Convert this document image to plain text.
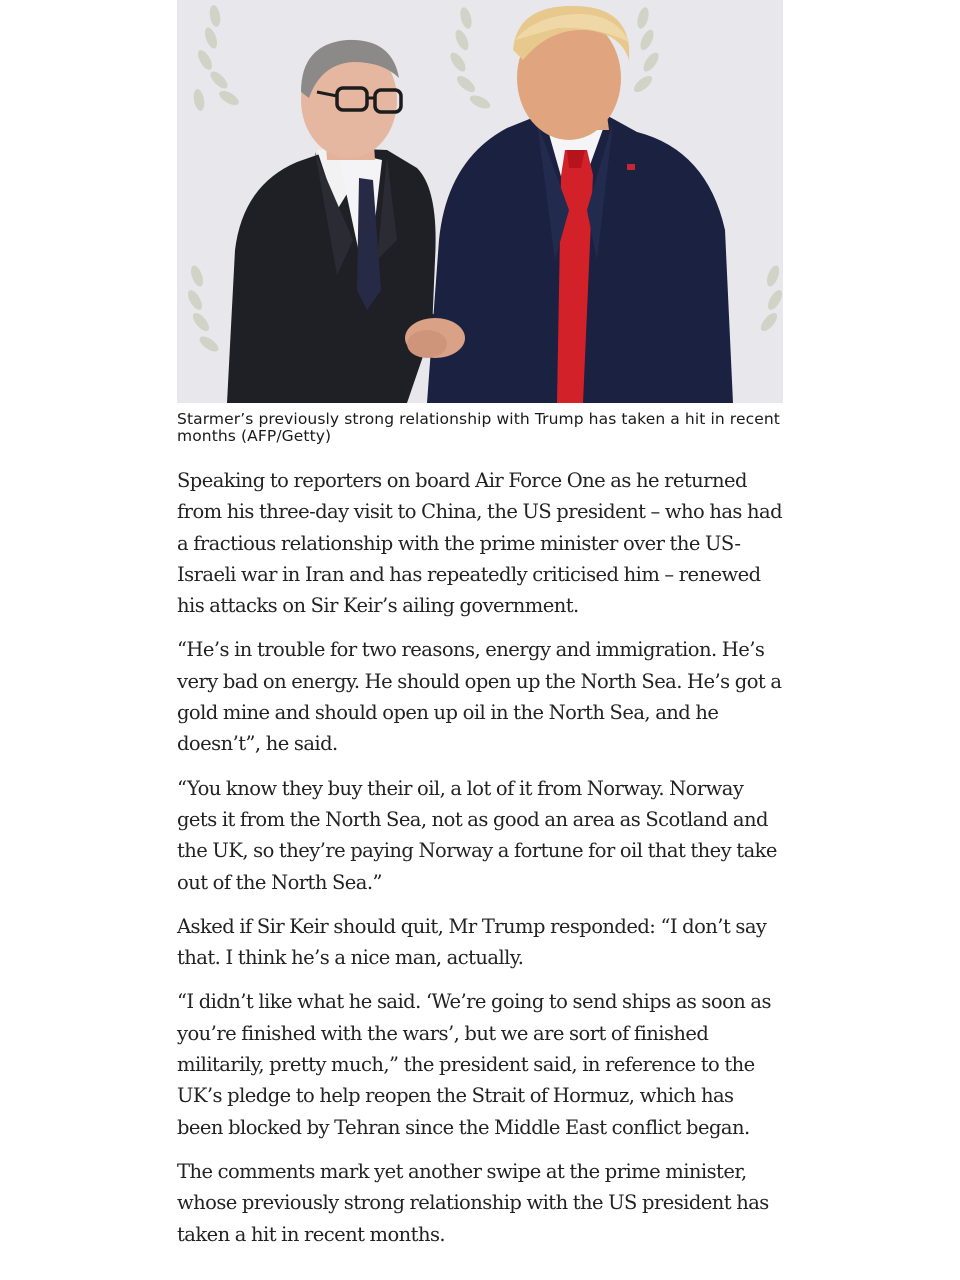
Starmer’s previously strong relationship with Trump has taken a hit in recent months (AFP/Getty)

Speaking to reporters on board Air Force One as he returned from his three-day visit to China, the US president – who has had a fractious relationship with the prime minister over the US-Israeli war in Iran and has repeatedly criticised him – renewed his attacks on Sir Keir’s ailing government.

“He’s in trouble for two reasons, energy and immigration. He’s very bad on energy. He should open up the North Sea. He’s got a gold mine and should open up oil in the North Sea, and he doesn’t”, he said.

“You know they buy their oil, a lot of it from Norway. Norway gets it from the North Sea, not as good an area as Scotland and the UK, so they’re paying Norway a fortune for oil that they take out of the North Sea.”

Asked if Sir Keir should quit, Mr Trump responded: “I don’t say that. I think he’s a nice man, actually.

“I didn’t like what he said. ‘We’re going to send ships as soon as you’re finished with the wars’, but we are sort of finished militarily, pretty much,” the president said, in reference to the UK’s pledge to help reopen the Strait of Hormuz, which has been blocked by Tehran since the Middle East conflict began.

The comments mark yet another swipe at the prime minister, whose previously strong relationship with the US president has taken a hit in recent months.
